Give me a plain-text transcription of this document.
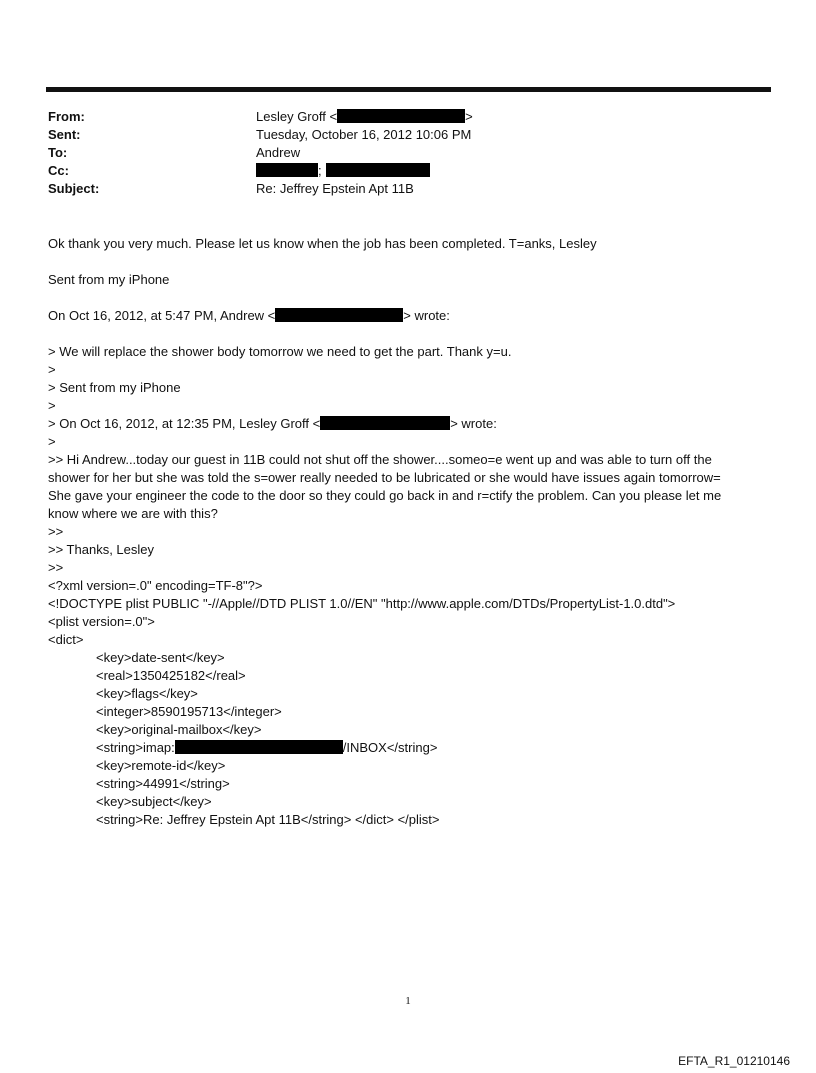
From:	Lesley Groff <	>
Sent:	Tuesday, October 16, 2012 10:06 PM
To:	Andrew
Cc:	;
Subject:	Re: Jeffrey Epstein Apt 11B
Ok thank you very much. Please let us know when the job has been completed. T=anks, Lesley
Sent from my iPhone
On Oct 16, 2012, at 5:47 PM, Andrew <	> wrote:
> We will replace the shower body tomorrow we need to get the part. Thank y=u.
>
> Sent from my iPhone
>
> On Oct 16, 2012, at 12:35 PM, Lesley Groff <	> wrote:
>
>> Hi Andrew...today our guest in 11B could not shut off the shower....someo=e went up and was able to turn off the
shower for her but she was told the s=ower really needed to be lubricated or she would have issues again tomorrow=
She gave your engineer the code to the door so they could go back in and r=ctify the problem. Can you please let me
know where we are with this?
>>
>> Thanks, Lesley
>>
<?xml version=.0" encoding=TF-8"?>
<!DOCTYPE plist PUBLIC "-//Apple//DTD PLIST 1.0//EN" "http://www.apple.com/DTDs/PropertyList-1.0.dtd">
<plist version=.0">
<dict>
<key>date-sent</key>
<real>1350425182</real>
<key>flags</key>
<integer>8590195713</integer>
<key>original-mailbox</key>
<string>imap:	/INBOX</string>
<key>remote-id</key>
<string>44991</string>
<key>subject</key>
<string>Re: Jeffrey Epstein Apt 11B</string> </dict> </plist>
1
EFTA_R1_01210146
